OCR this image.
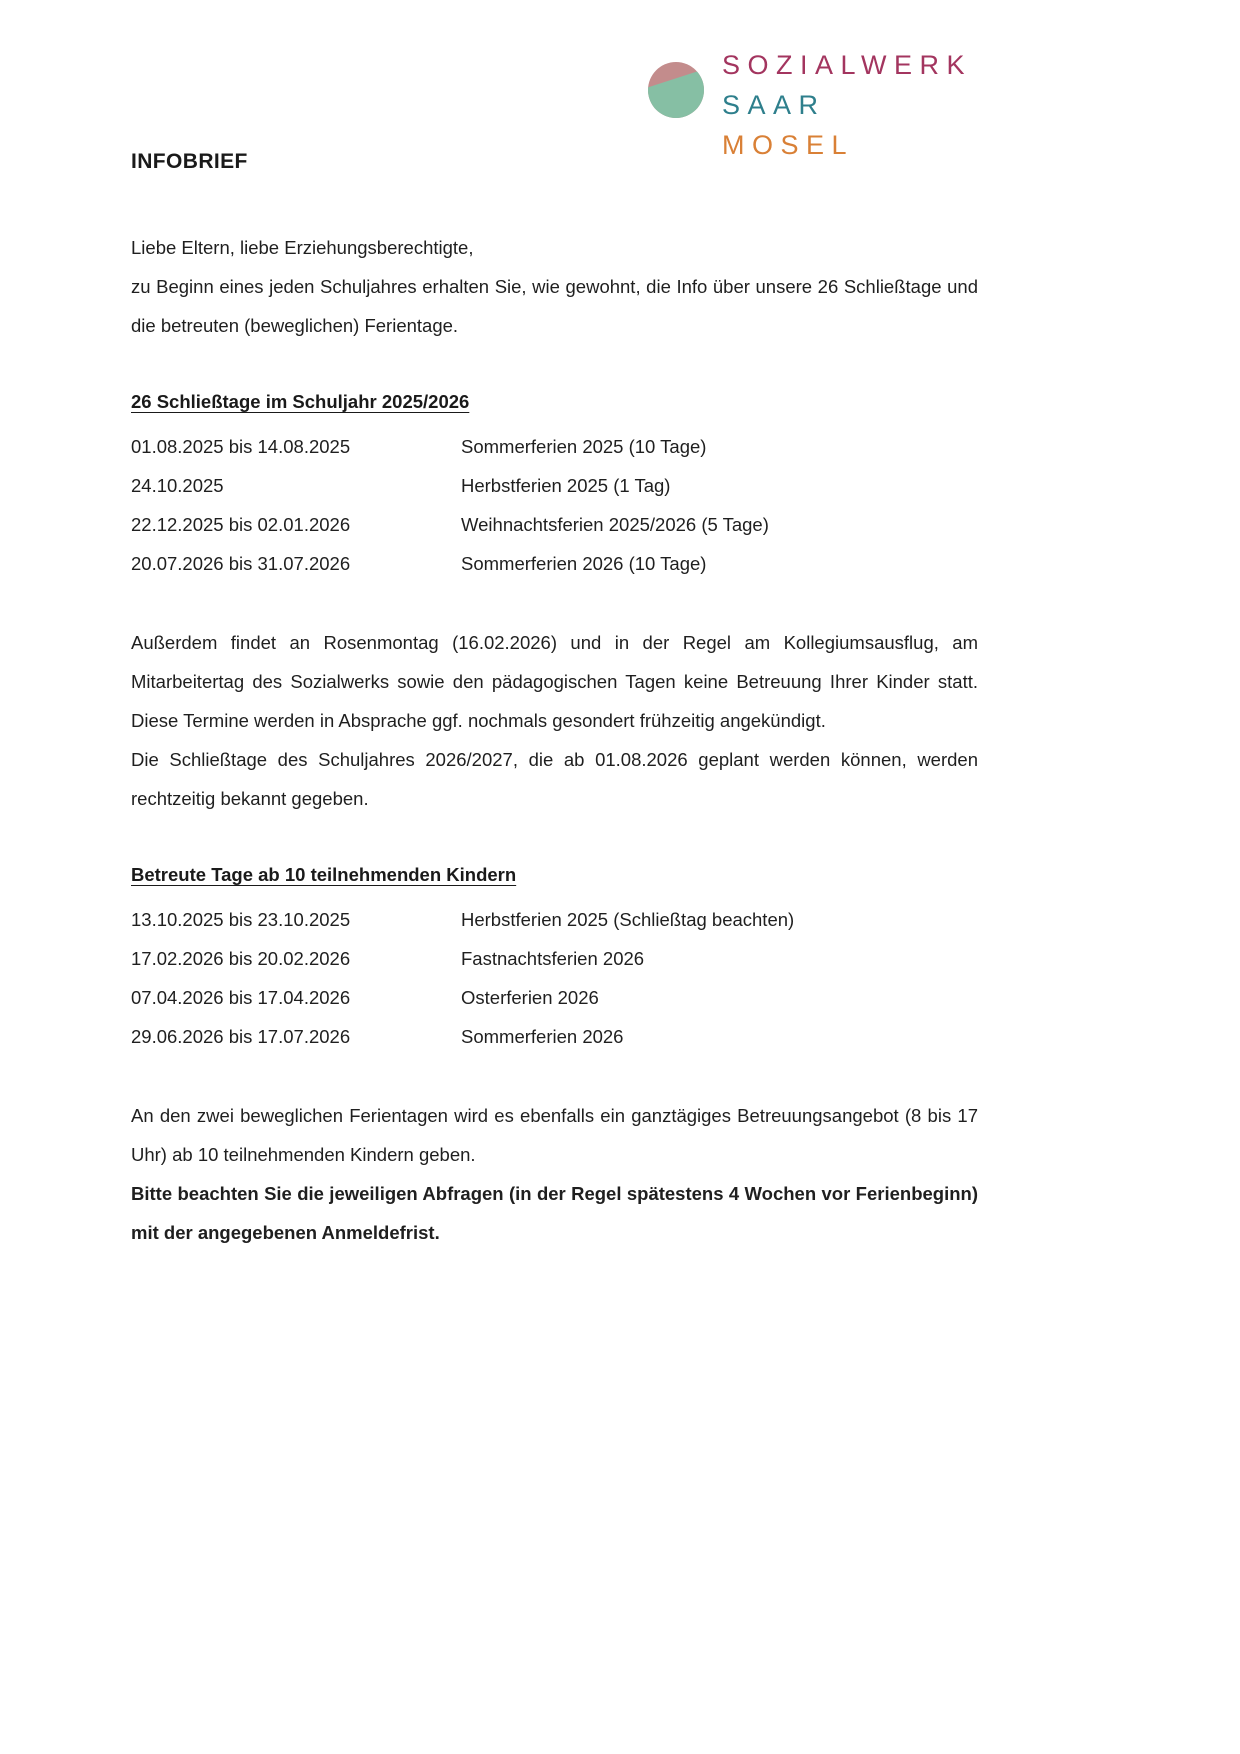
SOZIALWERK
SAAR
MOSEL
INFOBRIEF

Liebe Eltern, liebe Erziehungsberechtigte,

zu Beginn eines jeden Schuljahres erhalten Sie, wie gewohnt, die Info über unsere 26 Schließtage und die betreuten (beweglichen) Ferientage.

26 Schließtage im Schuljahr 2025/2026
01.08.2025 bis 14.08.2025	Sommerferien 2025 (10 Tage)
24.10.2025	Herbstferien 2025 (1 Tag)
22.12.2025 bis 02.01.2026	Weihnachtsferien 2025/2026 (5 Tage)
20.07.2026 bis 31.07.2026	Sommerferien 2026 (10 Tage)

Außerdem findet an Rosenmontag (16.02.2026) und in der Regel am Kollegiumsausflug, am Mitarbeitertag des Sozialwerks sowie den pädagogischen Tagen keine Betreuung Ihrer Kinder statt. Diese Termine werden in Absprache ggf. nochmals gesondert frühzeitig angekündigt.

Die Schließtage des Schuljahres 2026/2027, die ab 01.08.2026 geplant werden können, werden rechtzeitig bekannt gegeben.

Betreute Tage ab 10 teilnehmenden Kindern
13.10.2025 bis 23.10.2025	Herbstferien 2025 (Schließtag beachten)
17.02.2026 bis 20.02.2026	Fastnachtsferien 2026
07.04.2026 bis 17.04.2026	Osterferien 2026
29.06.2026 bis 17.07.2026	Sommerferien 2026

An den zwei beweglichen Ferientagen wird es ebenfalls ein ganztägiges Betreuungsangebot (8 bis 17 Uhr) ab 10 teilnehmenden Kindern geben.

Bitte beachten Sie die jeweiligen Abfragen (in der Regel spätestens 4 Wochen vor Ferienbeginn) mit der angegebenen Anmeldefrist.
